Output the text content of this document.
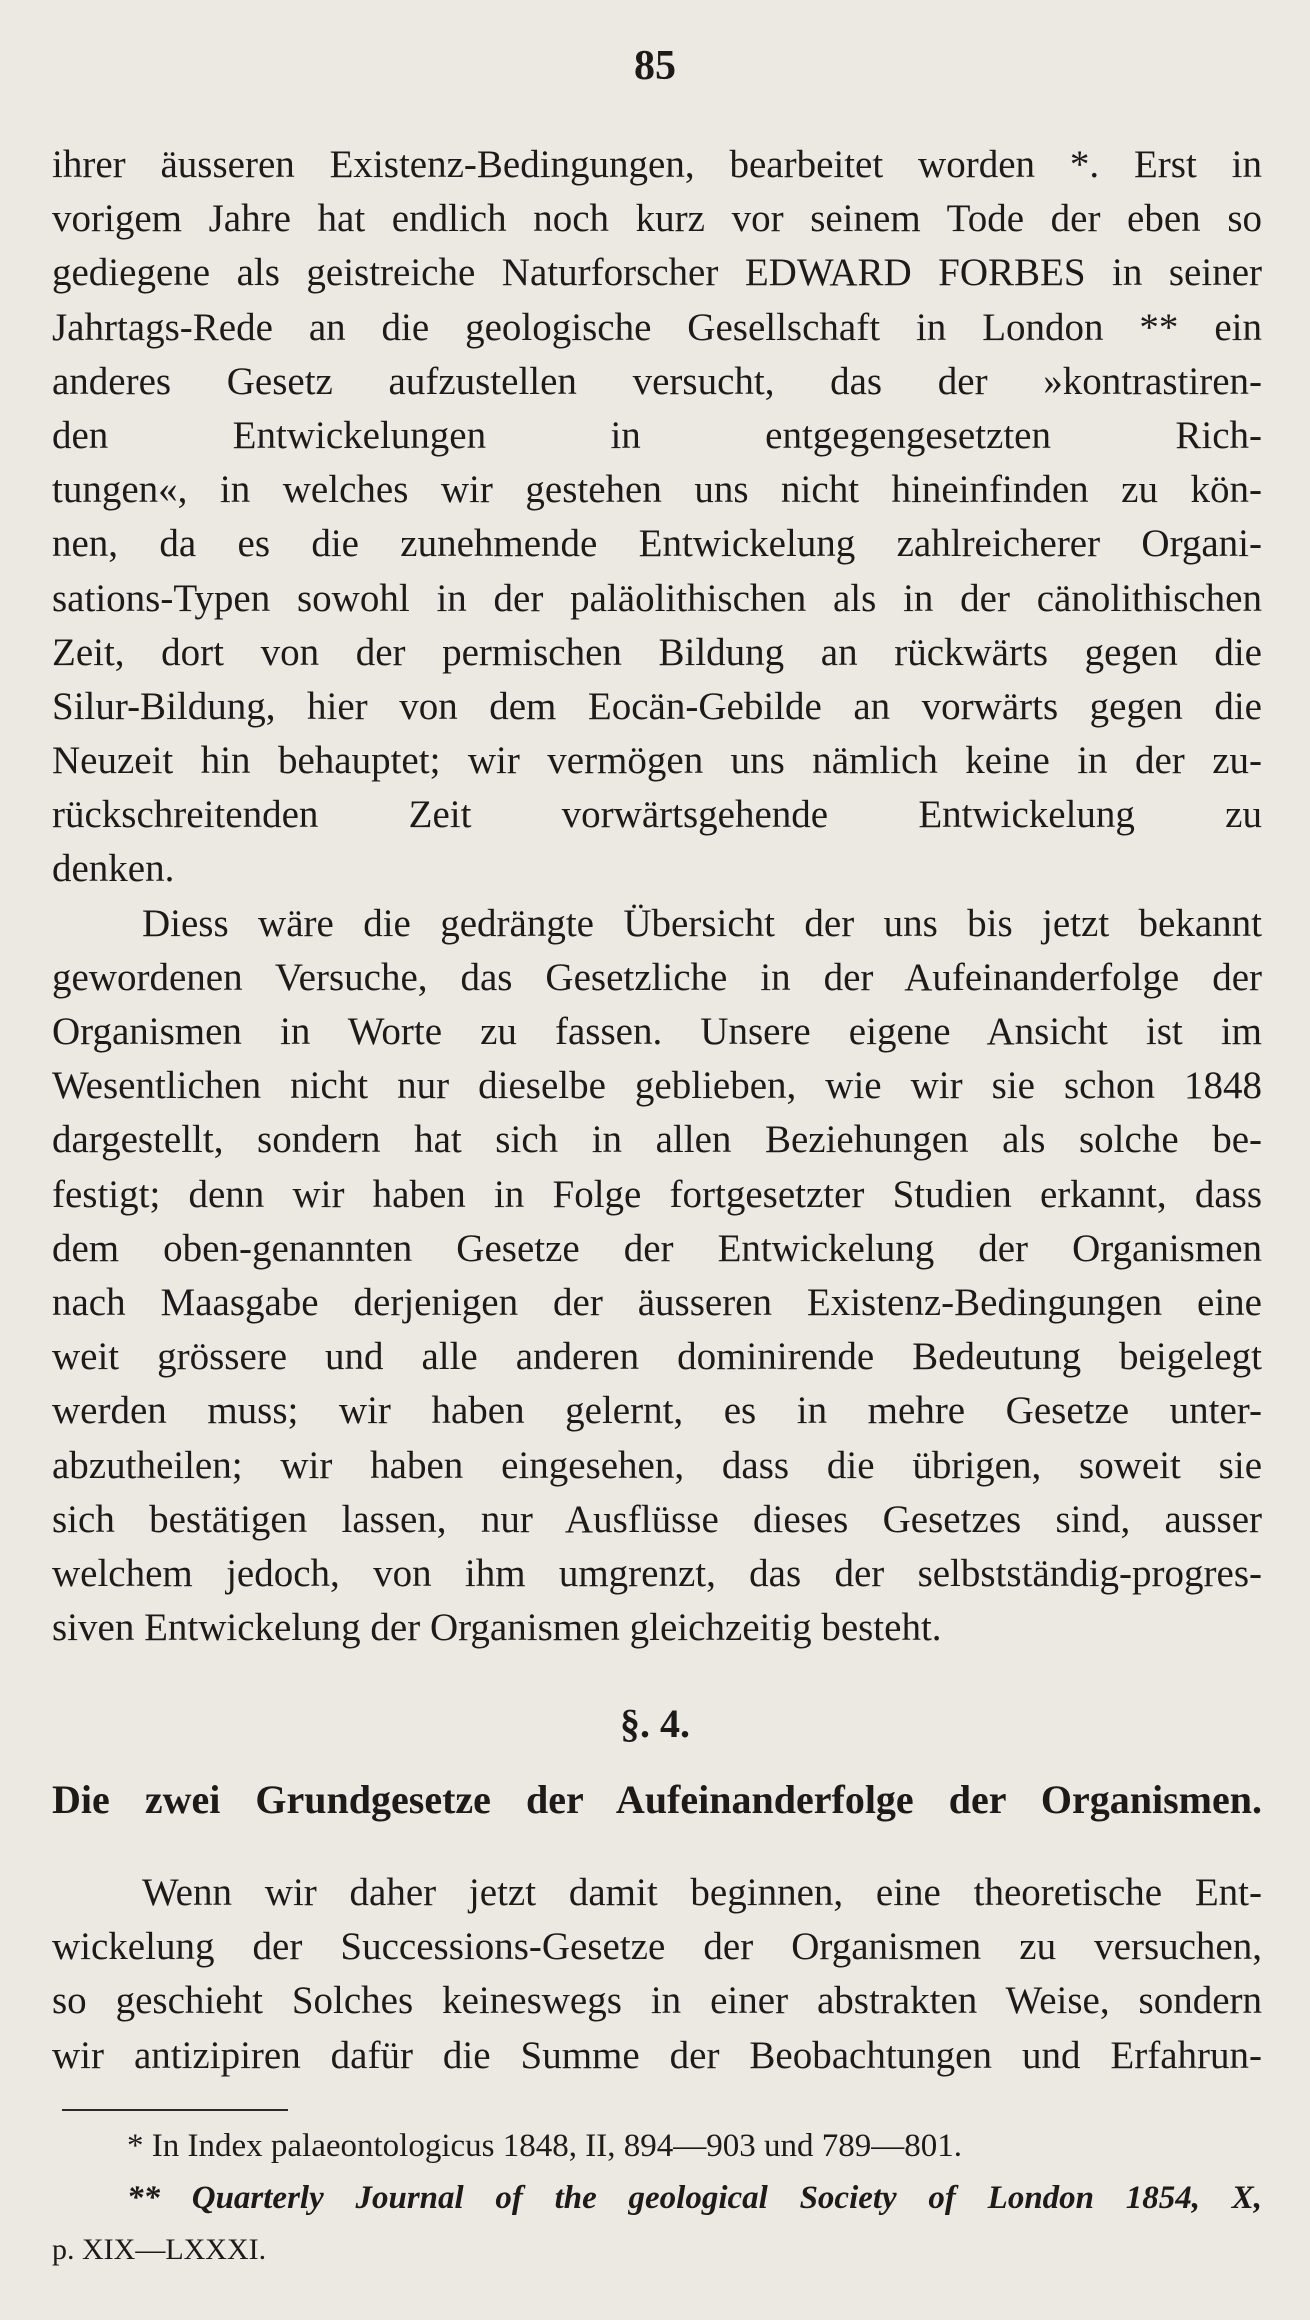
85
ihrer äusseren Existenz-Bedingungen, bearbeitet worden *. Erst in
vorigem Jahre hat endlich noch kurz vor seinem Tode der eben so
gediegene als geistreiche Naturforscher EDWARD FORBES in seiner
Jahrtags-Rede an die geologische Gesellschaft in London ** ein
anderes Gesetz aufzustellen versucht, das der »kontrastiren-
den Entwickelungen in entgegengesetzten Rich-
tungen«, in welches wir gestehen uns nicht hineinfinden zu kön-
nen, da es die zunehmende Entwickelung zahlreicherer Organi-
sations-Typen sowohl in der paläolithischen als in der cänolithischen
Zeit, dort von der permischen Bildung an rückwärts gegen die
Silur-Bildung, hier von dem Eocän-Gebilde an vorwärts gegen die
Neuzeit hin behauptet; wir vermögen uns nämlich keine in der zu-
rückschreitenden Zeit vorwärtsgehende Entwickelung zu
denken.
Diess wäre die gedrängte Übersicht der uns bis jetzt bekannt
gewordenen Versuche, das Gesetzliche in der Aufeinanderfolge der
Organismen in Worte zu fassen. Unsere eigene Ansicht ist im
Wesentlichen nicht nur dieselbe geblieben, wie wir sie schon 1848
dargestellt, sondern hat sich in allen Beziehungen als solche be-
festigt; denn wir haben in Folge fortgesetzter Studien erkannt, dass
dem oben-genannten Gesetze der Entwickelung der Organismen
nach Maasgabe derjenigen der äusseren Existenz-Bedingungen eine
weit grössere und alle anderen dominirende Bedeutung beigelegt
werden muss; wir haben gelernt, es in mehre Gesetze unter-
abzutheilen; wir haben eingesehen, dass die übrigen, soweit sie
sich bestätigen lassen, nur Ausflüsse dieses Gesetzes sind, ausser
welchem jedoch, von ihm umgrenzt, das der selbstständig-progres-
siven Entwickelung der Organismen gleichzeitig besteht.
§. 4.
Die zwei Grundgesetze der Aufeinanderfolge der Organismen.
Wenn wir daher jetzt damit beginnen, eine theoretische Ent-
wickelung der Successions-Gesetze der Organismen zu versuchen,
so geschieht Solches keineswegs in einer abstrakten Weise, sondern
wir antizipiren dafür die Summe der Beobachtungen und Erfahrun-
* In Index palaeontologicus 1848, II, 894—903 und 789—801.
** Quarterly Journal of the geological Society of London 1854, X,
p. XIX—LXXXI.
